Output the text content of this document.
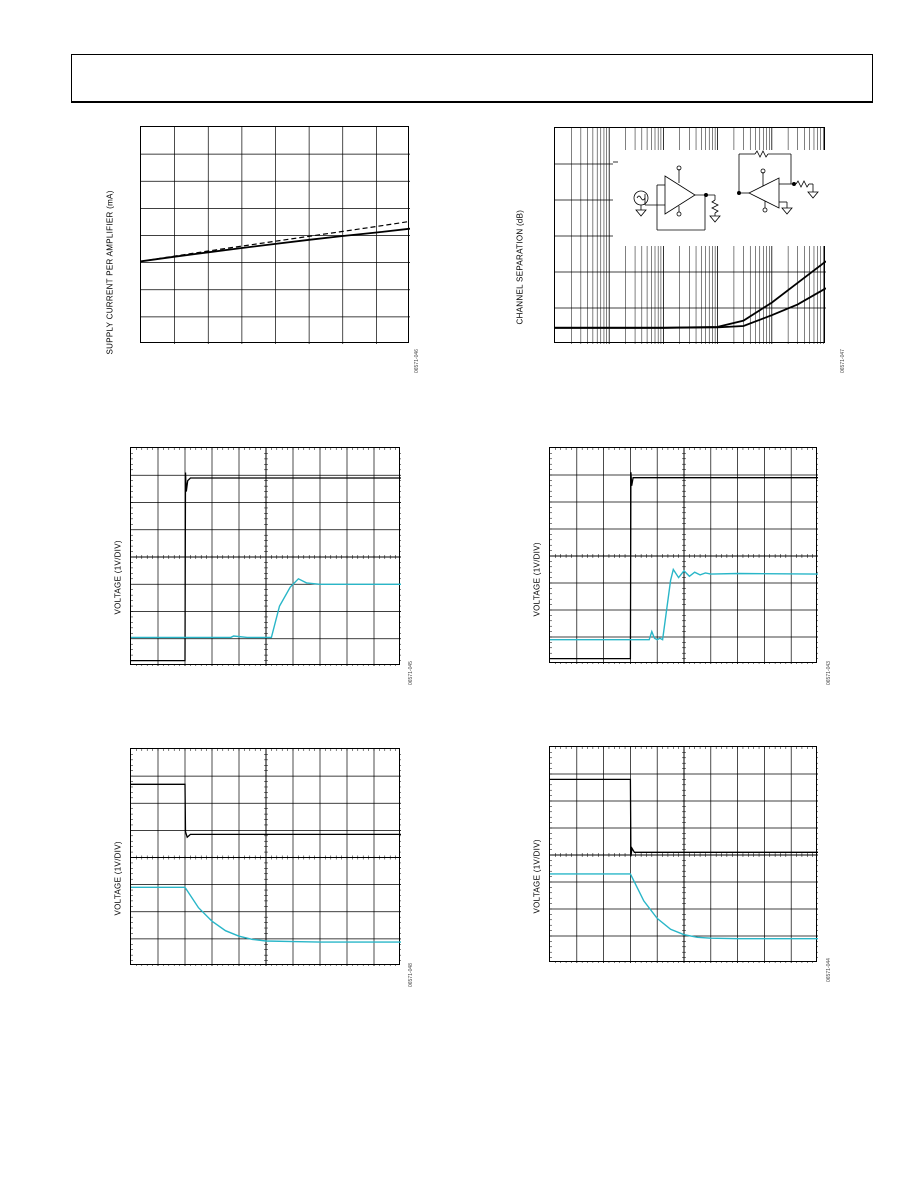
SUPPLY CURRENT PER AMPLIFIER (mA)
06571-046
CHANNEL SEPARATION (dB)
06571-047
VOLTAGE (1V/DIV)
06571-045
VOLTAGE (1V/DIV)
06571-043
VOLTAGE (1V/DIV)
06571-048
VOLTAGE (1V/DIV)
06571-044
